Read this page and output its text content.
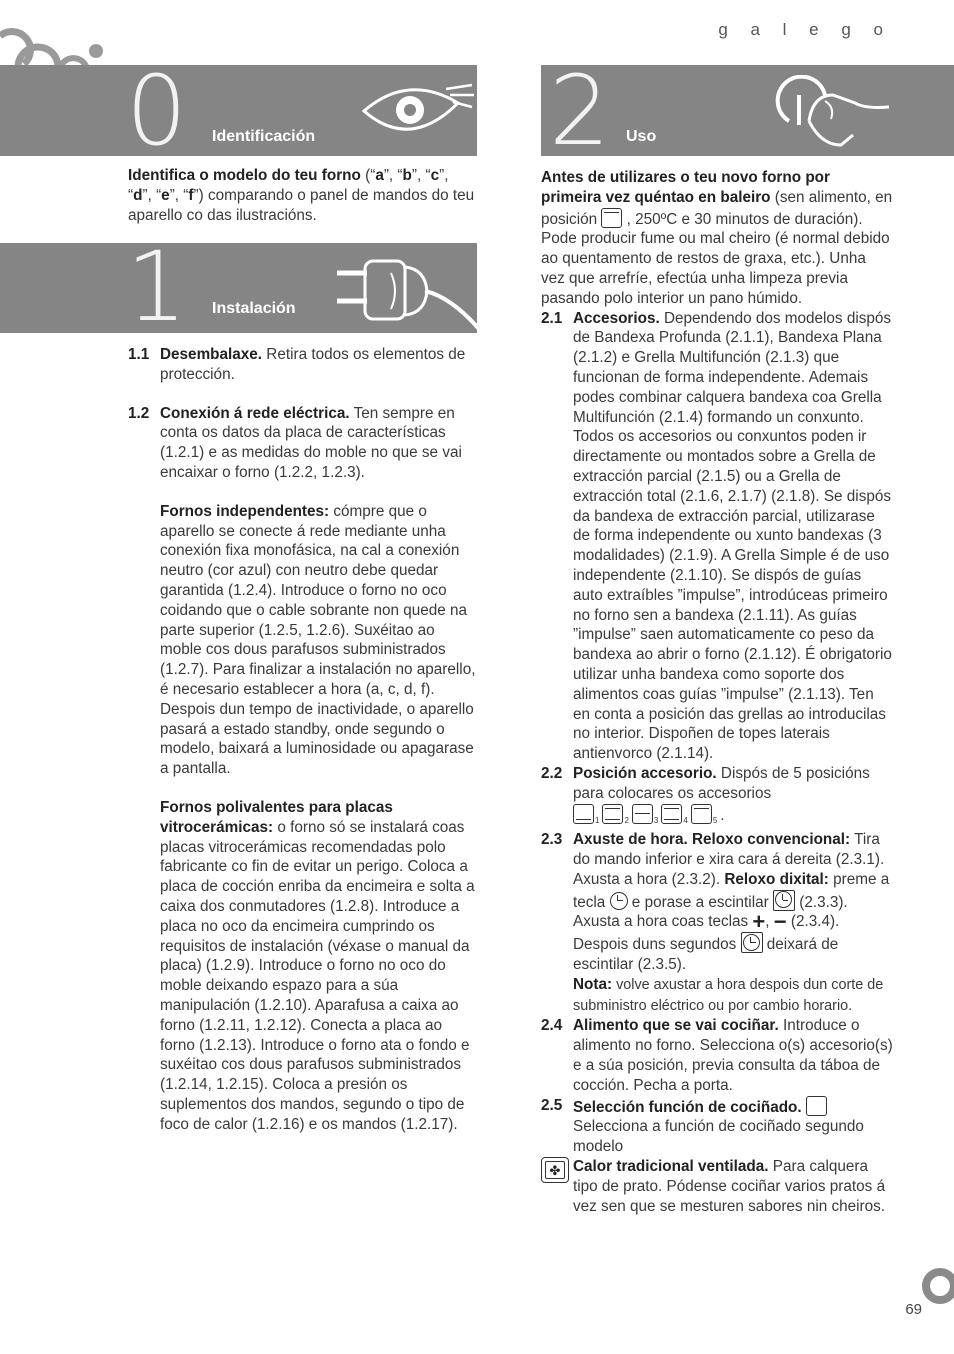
g a l e g o
0 Identificación

Identifica o modelo do teu forno (“a”, “b”, “c”,
“d”, “e”, “f”) comparando o panel de mandos do teu aparello co das ilustracións.

1 Instalación
1.1 Desembalaxe. Retira todos os elementos de protección.
1.2 Conexión á rede eléctrica. Ten sempre en conta os datos da placa de características (1.2.1) e as medidas do moble no que se vai encaixar o forno (1.2.2, 1.2.3).

Fornos independentes: cómpre que o aparello se conecte á rede mediante unha conexión fixa monofásica, na cal a conexión neutro (cor azul) con neutro debe quedar garantida (1.2.4). Introduce o forno no oco coidando que o cable sobrante non quede na parte superior (1.2.5, 1.2.6). Suxéitao ao moble cos dous parafusos subministrados (1.2.7). Para finalizar a instalación no aparello, é necesario establecer a hora (a, c, d, f). Despois dun tempo de inactividade, o aparello pasará a estado standby, onde segundo o modelo, baixará a luminosidade ou apagarase a pantalla.

Fornos polivalentes para placas vitrocerámicas: o forno só se instalará coas placas vitrocerámicas recomendadas polo fabricante co fin de evitar un perigo. Coloca a placa de cocción enriba da encimeira e solta a caixa dos conmutadores (1.2.8). Introduce a placa no oco da encimeira cumprindo os requisitos de instalación (véxase o manual da placa) (1.2.9). Introduce o forno no oco do moble deixando espazo para a súa manipulación (1.2.10). Aparafusa a caixa ao forno (1.2.11, 1.2.12). Conecta a placa ao forno (1.2.13). Introduce o forno ata o fondo e suxéitao cos dous parafusos subministrados (1.2.14, 1.2.15). Coloca a presión os suplementos dos mandos, segundo o tipo de foco de calor (1.2.16) e os mandos (1.2.17).

2 Uso

Antes de utilizares o teu novo forno por primeira vez quéntao en baleiro (sen alimento, en posición  , 250ºC e 30 minutos de duración). Pode producir fume ou mal cheiro (é normal debido ao quentamento de restos de graxa, etc.). Unha vez que arrefríe, efectúa unha limpeza previa pasando polo interior un pano húmido.

2.1 Accesorios. Dependendo dos modelos dispós de Bandexa Profunda (2.1.1), Bandexa Plana (2.1.2) e Grella Multifunción (2.1.3) que funcionan de forma independente. Ademais podes combinar calquera bandexa coa Grella Multifunción (2.1.4) formando un conxunto. Todos os accesorios ou conxuntos poden ir directamente ou montados sobre a Grella de extracción parcial (2.1.5) ou a Grella de extracción total (2.1.6, 2.1.7) (2.1.8). Se dispós da bandexa de extracción parcial, utilizarase de forma independente ou xunto bandexas (3 modalidades) (2.1.9). A Grella Simple é de uso independente (2.1.10). Se dispós de guías auto extraíbles ”impulse”, introdúceas primeiro no forno sen a bandexa (2.1.11). As guías ”impulse” saen automaticamente co peso da bandexa ao abrir o forno (2.1.12). É obrigatorio utilizar unha bandexa como soporte dos alimentos coas guías ”impulse” (2.1.13). Ten en conta a posición das grellas ao introducilas no interior. Dispoñen de topes laterais antienvorco (2.1.14).
2.2 Posición accesorio. Dispós de 5 posicións para colocares os accesorios
$_1$	$_2$	$_3$	$_4$	$_5$ .
2.3 Axuste de hora. Reloxo convencional: Tira do mando inferior e xira cara á dereita (2.3.1). Axusta a hora (2.3.2). Reloxo dixital: preme a tecla  e porase a escintilar
(2.3.3). Axusta a hora coas teclas +, − (2.3.4). Despois duns segundos
deixará de escintilar (2.3.5).
Nota: volve axustar a hora despois dun corte de subministro eléctrico ou por cambio horario.
2.4 Alimento que se vai cociñar. Introduce o alimento no forno. Selecciona o(s) accesorio(s) e a súa posición, previa consulta da táboa de cocción. Pecha a porta.
2.5 Selección función de cociñado.
Selecciona a función de cociñado segundo modelo
✤ Calor tradicional ventilada. Para calquera tipo de prato. Pódense cociñar varios pratos á vez sen que se mesturen sabores nin cheiros.
69
